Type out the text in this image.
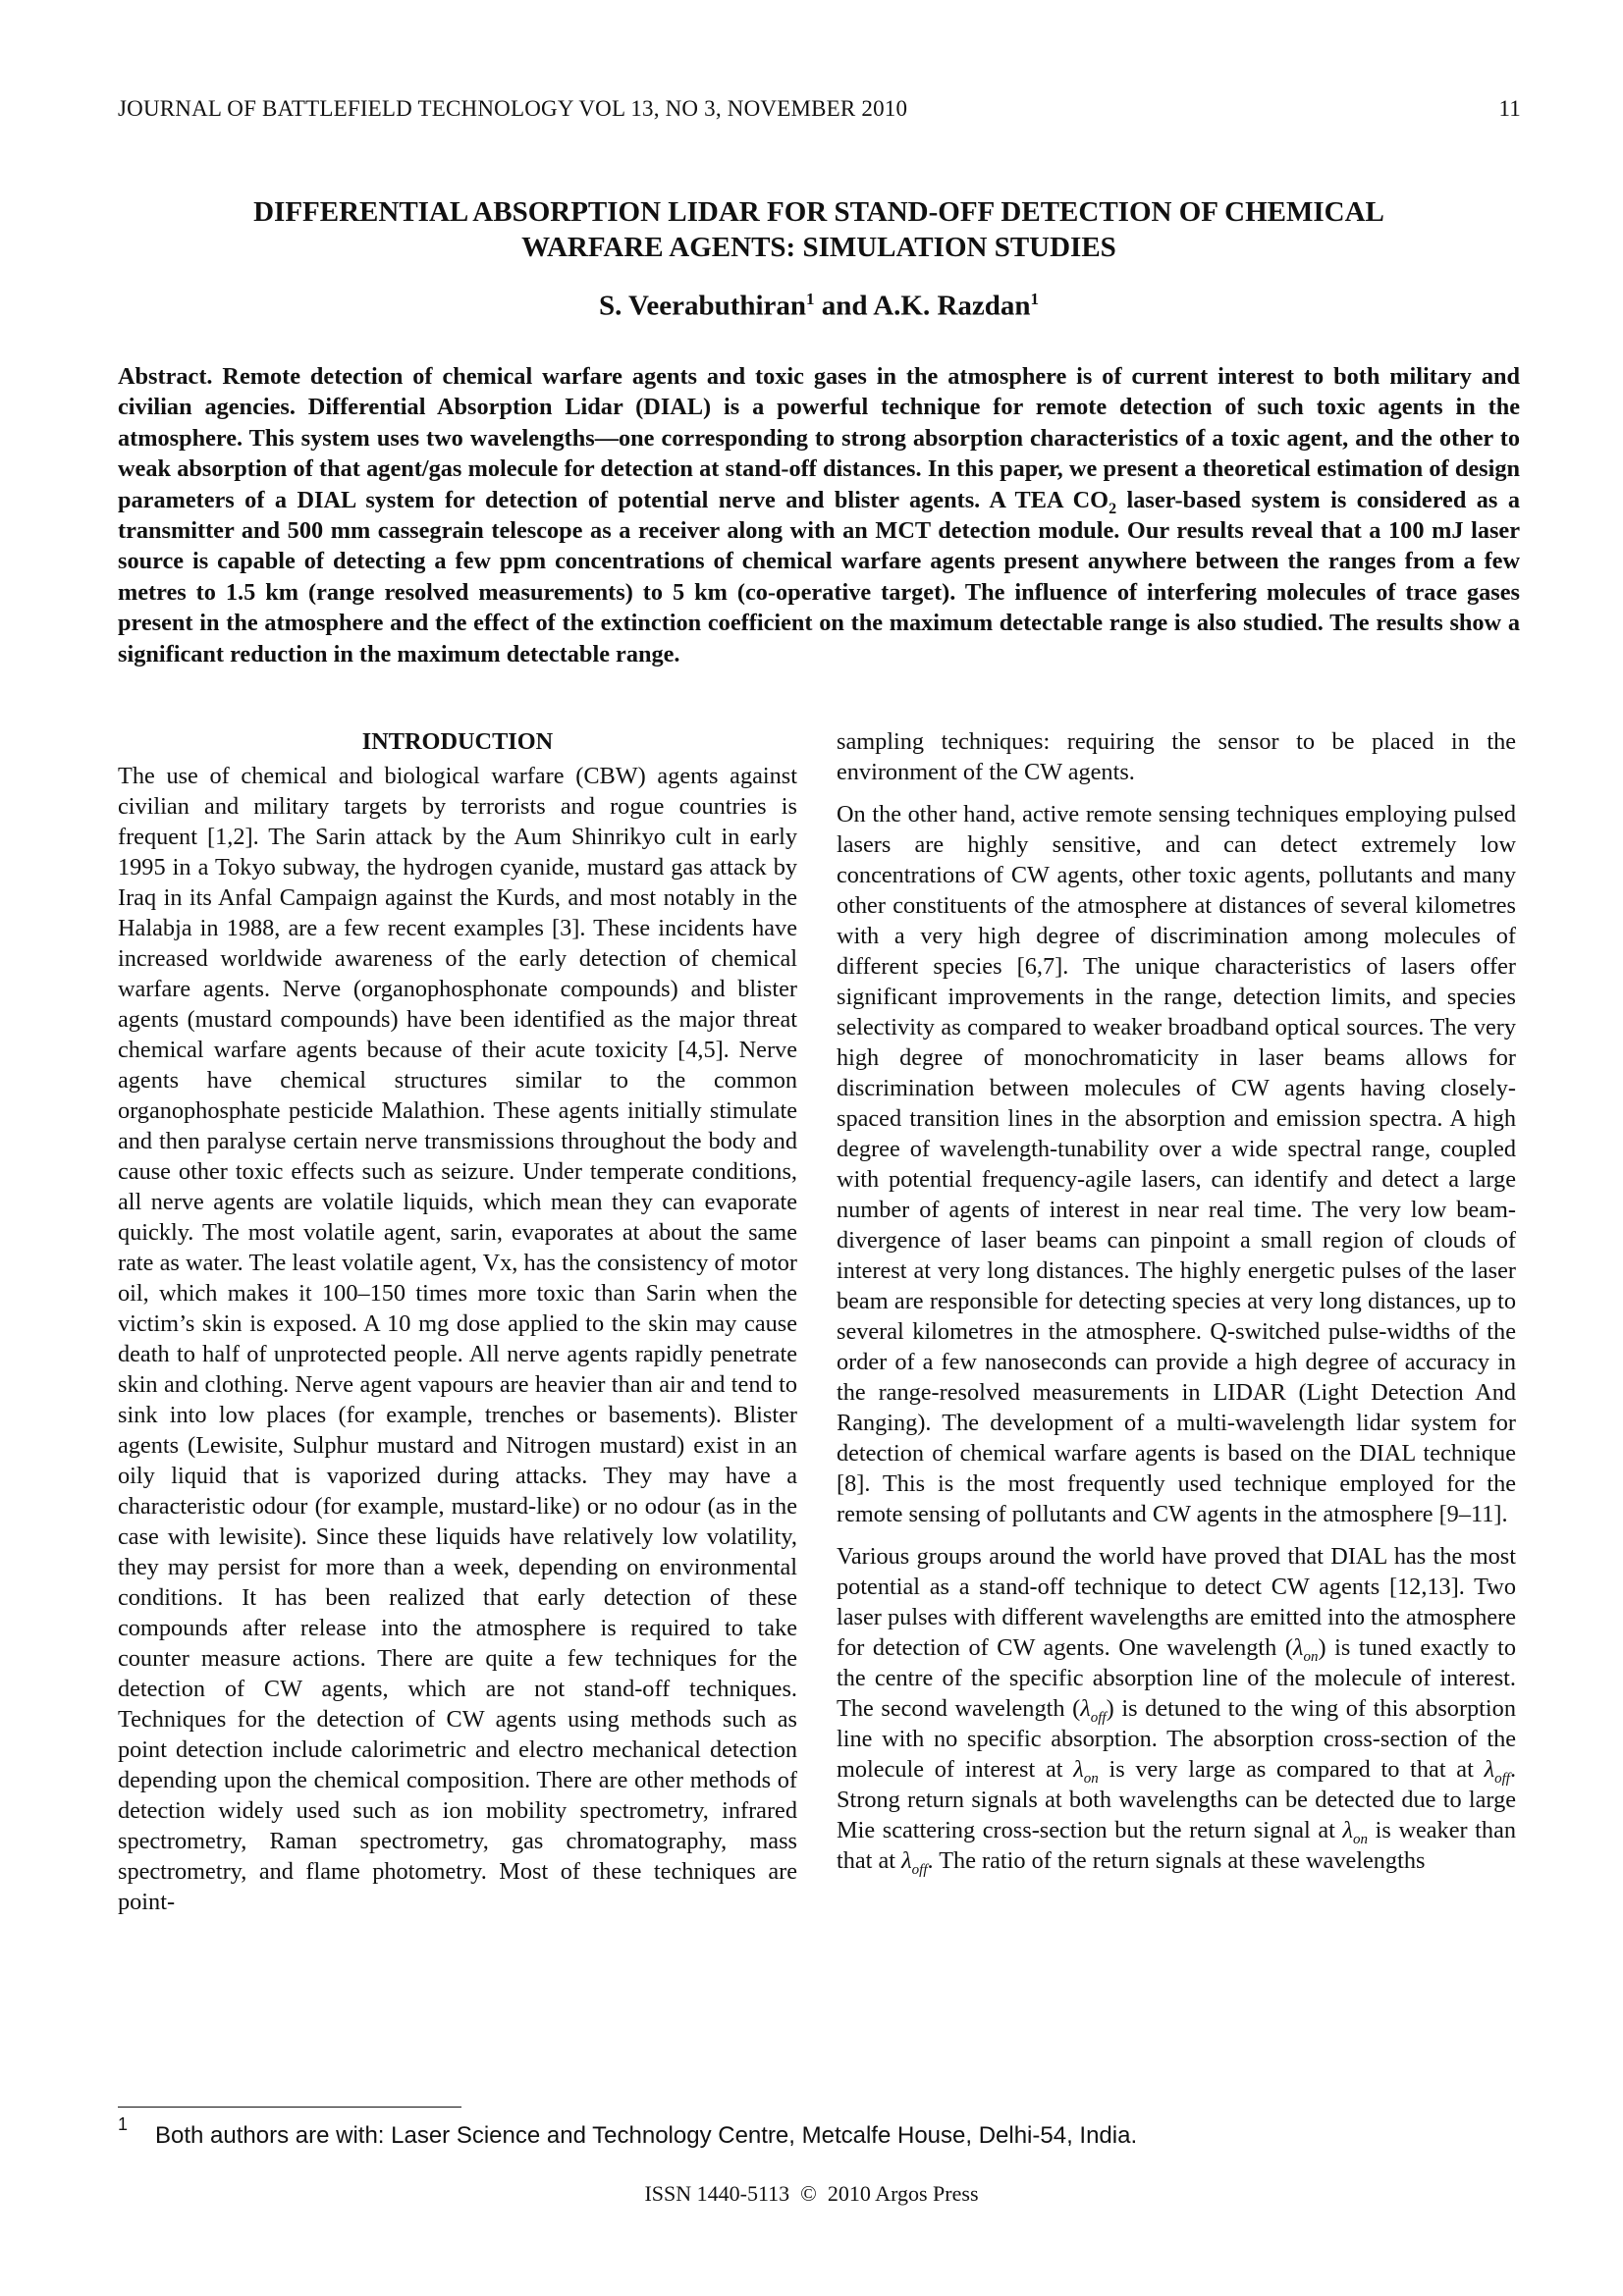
JOURNAL OF BATTLEFIELD TECHNOLOGY VOL 13, NO 3, NOVEMBER 2010	11
DIFFERENTIAL ABSORPTION LIDAR FOR STAND-OFF DETECTION OF CHEMICAL
WARFARE AGENTS: SIMULATION STUDIES
S. Veerabuthiran$^1$ and A.K. Razdan$^1$
Abstract. Remote detection of chemical warfare agents and toxic gases in the atmosphere is of current interest to both military and civilian agencies. Differential Absorption Lidar (DIAL) is a powerful technique for remote detection of such toxic agents in the atmosphere. This system uses two wavelengths—one corresponding to strong absorption characteristics of a toxic agent, and the other to weak absorption of that agent/gas molecule for detection at stand-off distances. In this paper, we present a theoretical estimation of design parameters of a DIAL system for detection of potential nerve and blister agents. A TEA $CO_2$ laser-based system is considered as a transmitter and 500 mm cassegrain telescope as a receiver along with an MCT detection module. Our results reveal that a 100 mJ laser source is capable of detecting a few ppm concentrations of chemical warfare agents present anywhere between the ranges from a few metres to 1.5 km (range resolved measurements) to 5 km (co-operative target). The influence of interfering molecules of trace gases present in the atmosphere and the effect of the extinction coefficient on the maximum detectable range is also studied. The results show a significant reduction in the maximum detectable range.
INTRODUCTION

The use of chemical and biological warfare (CBW) agents against civilian and military targets by terrorists and rogue countries is frequent [1,2]. The Sarin attack by the Aum Shinrikyo cult in early 1995 in a Tokyo subway, the hydrogen cyanide, mustard gas attack by Iraq in its Anfal Campaign against the Kurds, and most notably in the Halabja in 1988, are a few recent examples [3]. These incidents have increased worldwide awareness of the early detection of chemical warfare agents. Nerve (organophosphonate compounds) and blister agents (mustard compounds) have been identified as the major threat chemical warfare agents because of their acute toxicity [4,5]. Nerve agents have chemical structures similar to the common organophosphate pesticide Malathion. These agents initially stimulate and then paralyse certain nerve transmissions throughout the body and cause other toxic effects such as seizure. Under temperate conditions, all nerve agents are volatile liquids, which mean they can evaporate quickly. The most volatile agent, sarin, evaporates at about the same rate as water. The least volatile agent, Vx, has the consistency of motor oil, which makes it 100–150 times more toxic than Sarin when the victim’s skin is exposed. A 10 mg dose applied to the skin may cause death to half of unprotected people. All nerve agents rapidly penetrate skin and clothing. Nerve agent vapours are heavier than air and tend to sink into low places (for example, trenches or basements). Blister agents (Lewisite, Sulphur mustard and Nitrogen mustard) exist in an oily liquid that is vaporized during attacks. They may have a characteristic odour (for example, mustard-like) or no odour (as in the case with lewisite). Since these liquids have relatively low volatility, they may persist for more than a week, depending on environmental conditions. It has been realized that early detection of these compounds after release into the atmosphere is required to take counter measure actions. There are quite a few techniques for the detection of CW agents, which are not stand-off techniques. Techniques for the detection of CW agents using methods such as point detection include calorimetric and electro mechanical detection depending upon the chemical composition. There are other methods of detection widely used such as ion mobility spectrometry, infrared spectrometry, Raman spectrometry, gas chromatography, mass spectrometry, and flame photometry. Most of these techniques are point-

sampling techniques: requiring the sensor to be placed in the environment of the CW agents.

On the other hand, active remote sensing techniques employing pulsed lasers are highly sensitive, and can detect extremely low concentrations of CW agents, other toxic agents, pollutants and many other constituents of the atmosphere at distances of several kilometres with a very high degree of discrimination among molecules of different species [6,7]. The unique characteristics of lasers offer significant improvements in the range, detection limits, and species selectivity as compared to weaker broadband optical sources. The very high degree of monochromaticity in laser beams allows for discrimination between molecules of CW agents having closely-spaced transition lines in the absorption and emission spectra. A high degree of wavelength-tunability over a wide spectral range, coupled with potential frequency-agile lasers, can identify and detect a large number of agents of interest in near real time. The very low beam-divergence of laser beams can pinpoint a small region of clouds of interest at very long distances. The highly energetic pulses of the laser beam are responsible for detecting species at very long distances, up to several kilometres in the atmosphere. Q-switched pulse-widths of the order of a few nanoseconds can provide a high degree of accuracy in the range-resolved measurements in LIDAR (Light Detection And Ranging). The development of a multi-wavelength lidar system for detection of chemical warfare agents is based on the DIAL technique [8]. This is the most frequently used technique employed for the remote sensing of pollutants and CW agents in the atmosphere [9–11].

Various groups around the world have proved that DIAL has the most potential as a stand-off technique to detect CW agents [12,13]. Two laser pulses with different wavelengths are emitted into the atmosphere for detection of CW agents. One wavelength $(\lambda_{on})$ is tuned exactly to the centre of the specific absorption line of the molecule of interest. The second wavelength $(\lambda_{off})$ is detuned to the wing of this absorption line with no specific absorption. The absorption cross-section of the molecule of interest at $\lambda_{on}$ is very large as compared to that at $\lambda_{off}$.  Strong return signals at both wavelengths can be detected due to large Mie scattering cross-section but the return signal at $\lambda_{on}$ is weaker than that at $\lambda_{off}$. The ratio of the return signals at these wavelengths

1 Both authors are with: Laser Science and Technology Centre, Metcalfe House, Delhi-54, India.
ISSN 1440-5113  ©  2010 Argos Press
